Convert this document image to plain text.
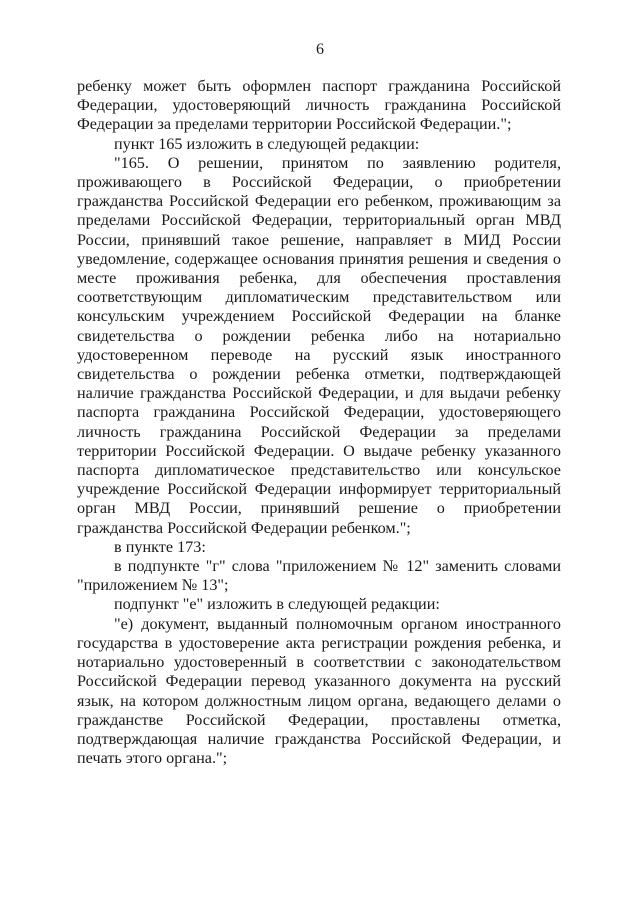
6

ребенку может быть оформлен паспорт гражданина Российской Федерации, удостоверяющий личность гражданина Российской Федерации за пределами территории Российской Федерации.";

пункт 165 изложить в следующей редакции:

"165. О решении, принятом по заявлению родителя, проживающего в Российской Федерации, о приобретении гражданства Российской Федерации его ребенком, проживающим за пределами Российской Федерации, территориальный орган МВД России, принявший такое решение, направляет в МИД России уведомление, содержащее основания принятия решения и сведения о месте проживания ребенка, для обеспечения проставления соответствующим дипломатическим представительством или консульским учреждением Российской Федерации на бланке свидетельства о рождении ребенка либо на нотариально удостоверенном переводе на русский язык иностранного свидетельства о рождении ребенка отметки, подтверждающей наличие гражданства Российской Федерации, и для выдачи ребенку паспорта гражданина Российской Федерации, удостоверяющего личность гражданина Российской Федерации за пределами территории Российской Федерации. О выдаче ребенку указанного паспорта дипломатическое представительство или консульское учреждение Российской Федерации информирует территориальный орган МВД России, принявший решение о приобретении гражданства Российской Федерации ребенком.";

в пункте 173:

в подпункте "г" слова "приложением № 12" заменить словами "приложением № 13";

подпункт "е" изложить в следующей редакции:

"е) документ, выданный полномочным органом иностранного государства в удостоверение акта регистрации рождения ребенка, и нотариально удостоверенный в соответствии с законодательством Российской Федерации перевод указанного документа на русский язык, на котором должностным лицом органа, ведающего делами о гражданстве Российской Федерации, проставлены отметка, подтверждающая наличие гражданства Российской Федерации, и печать этого органа.";
